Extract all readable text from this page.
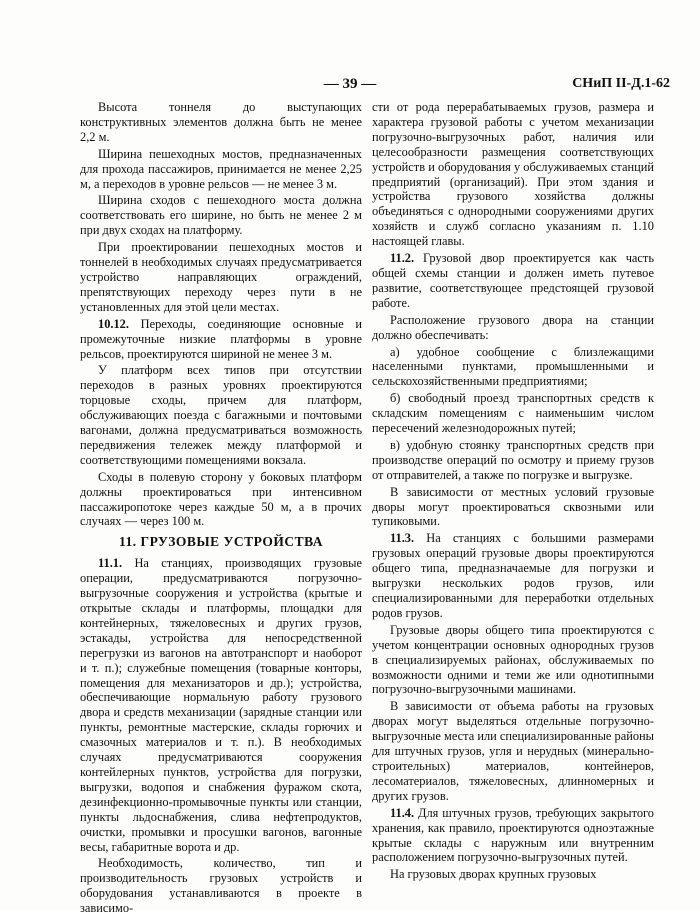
— 39 —	СНиП II-Д.1-62

Высота тоннеля до выступающих конструктивных элементов должна быть не менее 2,2 м.

Ширина пешеходных мостов, предназначенных для прохода пассажиров, принимается не менее 2,25 м, а переходов в уровне рельсов — не менее 3 м.

Ширина сходов с пешеходного моста должна соответствовать его ширине, но быть не менее 2 м при двух сходах на платформу.

При проектировании пешеходных мостов и тоннелей в необходимых случаях предусматривается устройство направляющих ограждений, препятствующих переходу через пути в не установленных для этой цели местах.

10.12. Переходы, соединяющие основные и промежуточные низкие платформы в уровне рельсов, проектируются шириной не менее 3 м.

У платформ всех типов при отсутствии переходов в разных уровнях проектируются торцовые сходы, причем для платформ, обслуживающих поезда с багажными и почтовыми вагонами, должна предусматриваться возможность передвижения тележек между платформой и соответствующими помещениями вокзала.

Сходы в полевую сторону у боковых платформ должны проектироваться при интенсивном пассажиропотоке через каждые 50 м, а в прочих случаях — через 100 м.

11. ГРУЗОВЫЕ УСТРОЙСТВА

11.1. На станциях, производящих грузовые операции, предусматриваются погрузочно-выгрузочные сооружения и устройства (крытые и открытые склады и платформы, площадки для контейнерных, тяжеловесных и других грузов, эстакады, устройства для непосредственной перегрузки из вагонов на автотранспорт и наоборот и т. п.); служебные помещения (товарные конторы, помещения для механизаторов и др.); устройства, обеспечивающие нормальную работу грузового двора и средств механизации (зарядные станции или пункты, ремонтные мастерские, склады горючих и смазочных материалов и т. п.). В необходимых случаях предусматриваются сооружения контейлерных пунктов, устройства для погрузки, выгрузки, водопоя и снабжения фуражом скота, дезинфекционно-промывочные пункты или станции, пункты льдоснабжения, слива нефтепродуктов, очистки, промывки и просушки вагонов, вагонные весы, габаритные ворота и др.

Необходимость, количество, тип и производительность грузовых устройств и оборудования устанавливаются в проекте в зависимо-

сти от рода перерабатываемых грузов, размера и характера грузовой работы с учетом механизации погрузочно-выгрузочных работ, наличия или целесообразности размещения соответствующих устройств и оборудования у обслуживаемых станций предприятий (организаций). При этом здания и устройства грузового хозяйства должны объединяться с однородными сооружениями других хозяйств и служб согласно указаниям п. 1.10 настоящей главы.

11.2. Грузовой двор проектируется как часть общей схемы станции и должен иметь путевое развитие, соответствующее предстоящей грузовой работе.

Расположение грузового двора на станции должно обеспечивать:

а) удобное сообщение с близлежащими населенными пунктами, промышленными и сельскохозяйственными предприятиями;

б) свободный проезд транспортных средств к складским помещениям с наименьшим числом пересечений железнодорожных путей;

в) удобную стоянку транспортных средств при производстве операций по осмотру и приему грузов от отправителей, а также по погрузке и выгрузке.

В зависимости от местных условий грузовые дворы могут проектироваться сквозными или тупиковыми.

11.3. На станциях с большими размерами грузовых операций грузовые дворы проектируются общего типа, предназначаемые для погрузки и выгрузки нескольких родов грузов, или специализированными для переработки отдельных родов грузов.

Грузовые дворы общего типа проектируются с учетом концентрации основных однородных грузов в специализируемых районах, обслуживаемых по возможности одними и теми же или однотипными погрузочно-выгрузочными машинами.

В зависимости от объема работы на грузовых дворах могут выделяться отдельные погрузочно-выгрузочные места или специализированные районы для штучных грузов, угля и нерудных (минерально-строительных) материалов, контейнеров, лесоматериалов, тяжеловесных, длинномерных и других грузов.

11.4. Для штучных грузов, требующих закрытого хранения, как правило, проектируются одноэтажные крытые склады с наружным или внутренним расположением погрузочно-выгрузочных путей.

На грузовых дворах крупных грузовых
